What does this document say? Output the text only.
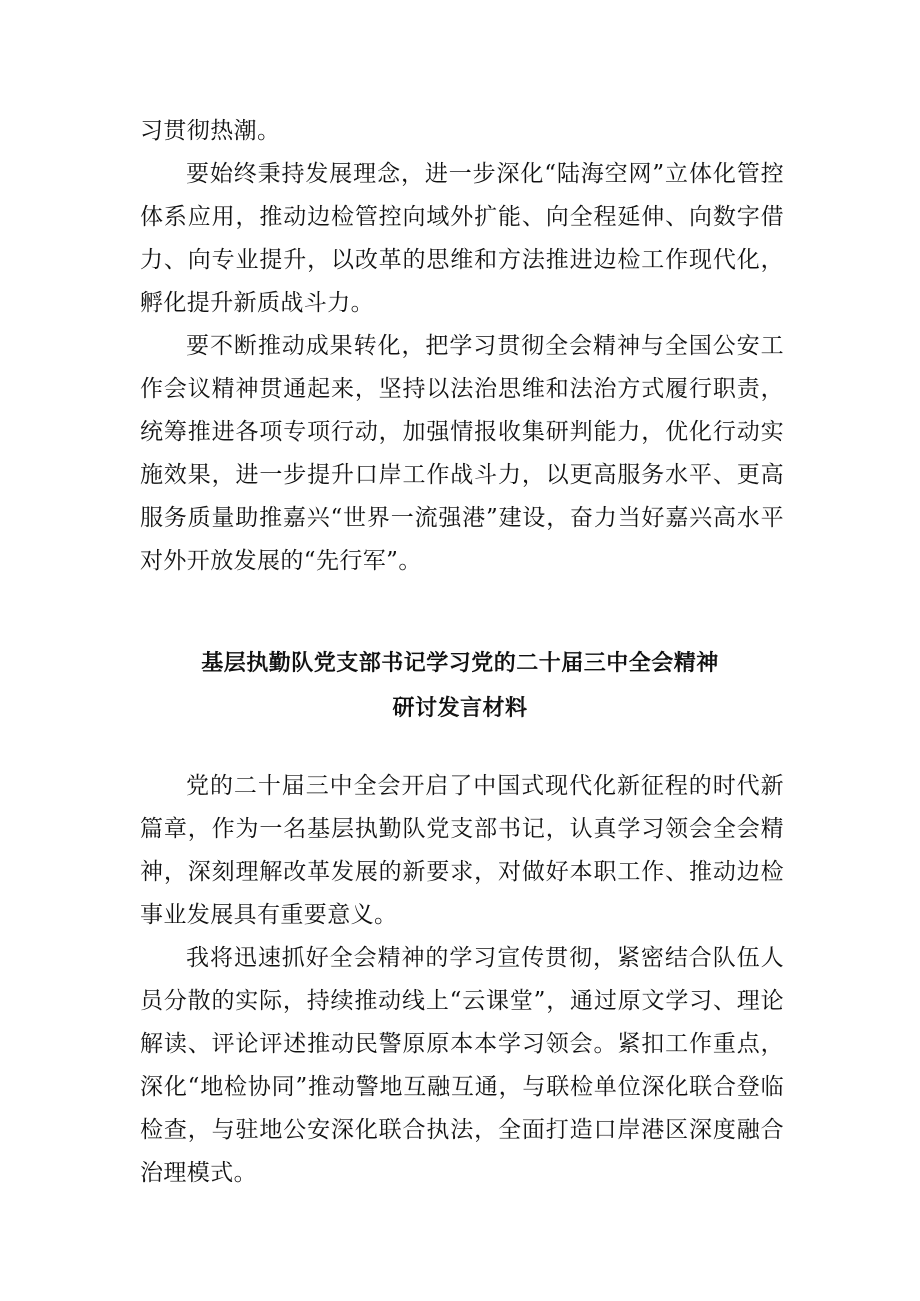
习贯彻热潮。

要始终秉持发展理念，进一步深化“陆海空网”立体化管控体系应用，推动边检管控向域外扩能、向全程延伸、向数字借力、向专业提升，以改革的思维和方法推进边检工作现代化，孵化提升新质战斗力。

要不断推动成果转化，把学习贯彻全会精神与全国公安工作会议精神贯通起来，坚持以法治思维和法治方式履行职责，统筹推进各项专项行动，加强情报收集研判能力，优化行动实施效果，进一步提升口岸工作战斗力，以更高服务水平、更高服务质量助推嘉兴“世界一流强港”建设，奋力当好嘉兴高水平对外开放发展的“先行军”。

基层执勤队党支部书记学习党的二十届三中全会精神
研讨发言材料

党的二十届三中全会开启了中国式现代化新征程的时代新篇章，作为一名基层执勤队党支部书记，认真学习领会全会精神，深刻理解改革发展的新要求，对做好本职工作、推动边检事业发展具有重要意义。

我将迅速抓好全会精神的学习宣传贯彻，紧密结合队伍人员分散的实际，持续推动线上“云课堂”，通过原文学习、理论解读、评论评述推动民警原原本本学习领会。紧扣工作重点，深化“地检协同”推动警地互融互通，与联检单位深化联合登临检查，与驻地公安深化联合执法，全面打造口岸港区深度融合治理模式。
